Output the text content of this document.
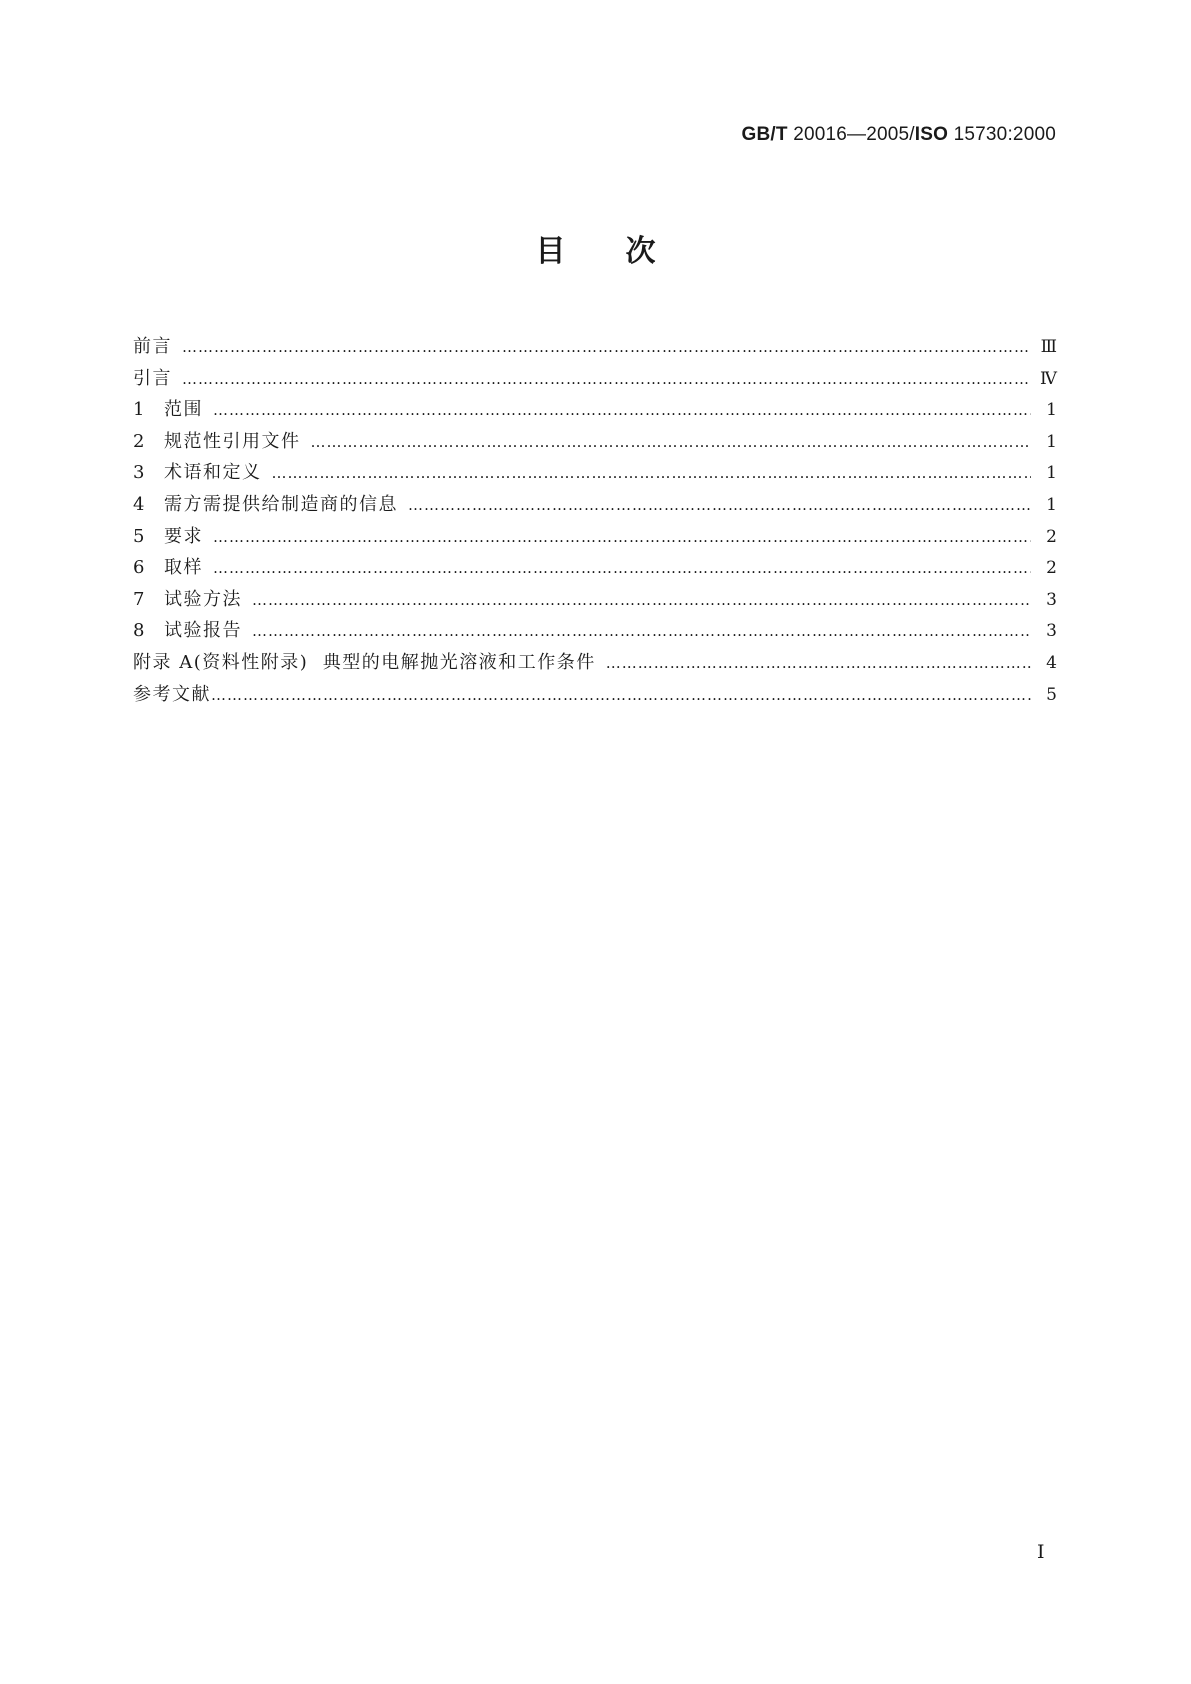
GB/T 20016—2005/ISO 15730:2000
目次
前言 ……………………………………………………………………………………………………………………………………………………………………………………………………	Ⅲ
引言 ……………………………………………………………………………………………………………………………………………………………………………………………………	Ⅳ
1	范围 ……………………………………………………………………………………………………………………………………………………………………………………………………	1
2	规范性引用文件 ……………………………………………………………………………………………………………………………………………………………………………………………………	1
3	术语和定义 ……………………………………………………………………………………………………………………………………………………………………………………………………	1
4	需方需提供给制造商的信息 ……………………………………………………………………………………………………………………………………………………………………………………………………	1
5	要求 ……………………………………………………………………………………………………………………………………………………………………………………………………	2
6	取样 ……………………………………………………………………………………………………………………………………………………………………………………………………	2
7	试验方法 ……………………………………………………………………………………………………………………………………………………………………………………………………	3
8	试验报告 ……………………………………………………………………………………………………………………………………………………………………………………………………	3
附录 A(资料性附录)  典型的电解抛光溶液和工作条件 ……………………………………………………………………………………………………………………………………………………………………………………………………	4
参考文献 ……………………………………………………………………………………………………………………………………………………………………………………………………	5
Ⅰ
